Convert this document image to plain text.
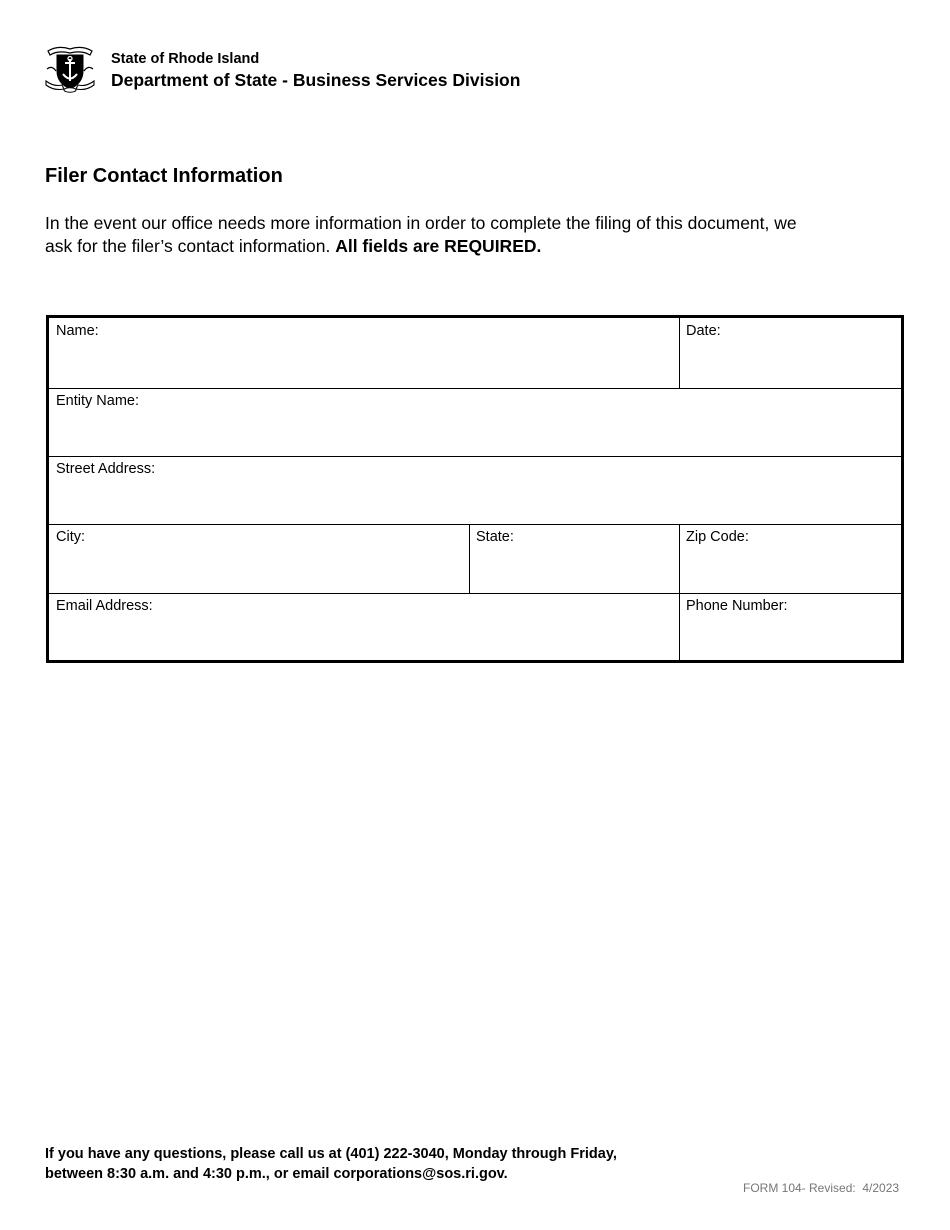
State of Rhode Island
Department of State - Business Services Division
Filer Contact Information
In the event our office needs more information in order to complete the filing of this document, we ask for the filer’s contact information. All fields are REQUIRED.
Name:	Date:
Entity Name:
Street Address:
City:	State:	Zip Code:
Email Address:	Phone Number:
If you have any questions, please call us at (401) 222-3040, Monday through Friday,
between 8:30 a.m. and 4:30 p.m., or email corporations@sos.ri.gov.
FORM 104- Revised:  4/2023
